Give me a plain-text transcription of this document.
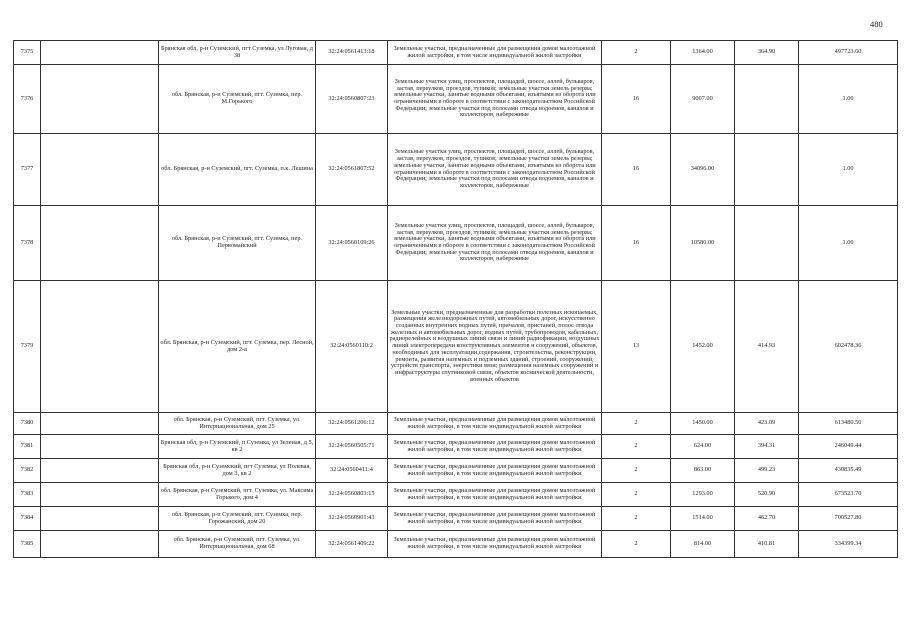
480
7375		Брянская обл, р-н Суземский, пгт Суземка, ул Луговая, д 38	32:24:0561413:18	Земельные участки, предназначенные для размещения домов малоэтажной жилой застройки, в том числе индивидуальной жилой застройки	2	1364.00	364.90	497723.60
7376		обл. Брянская, р-н Суземский, пгт. Суземка, пер. М.Горького	32:24:0560807:23	Земельные участки улиц, проспектов, площадей, шоссе, аллей, бульваров, застав, переулков, проездов, тупиков; земельные участки земель резерва; земельные участки, занятые водными объектами, изъятыми из оборота или ограниченными в обороте в соответствии с законодательством Российской Федерации; земельные участки под полосами отвода водоемов, каналов и коллекторов, набережные	16	9007.00		1.00
7377		обл. Брянская, р-н Суземский, пгт. Суземка, п.к. Лешина	32:24:0561807:52	Земельные участки улиц, проспектов, площадей, шоссе, аллей, бульваров, застав, переулков, проездов, тупиков; земельные участки земель резерва; земельные участки, занятые водными объектами, изъятыми из оборота или ограниченными в обороте в соответствии с законодательством Российской Федерации; земельные участки под полосами отвода водоемов, каналов и коллекторов, набережные	16	34096.00		1.00
7378		обл. Брянская, р-н Суземский, пгт. Суземка, пер. Первомайский	32:24:0560109:26	Земельные участки улиц, проспектов, площадей, шоссе, аллей, бульваров, застав, переулков, проездов, тупиков; земельные участки земель резерва; земельные участки, занятые водными объектами, изъятыми из оборота или ограниченными в обороте в соответствии с законодательством Российской Федерации; земельные участки под полосами отвода водоемов, каналов и коллекторов, набережные	16	10580.00		1.00
7379		обл. Брянская, р-н Суземский, пгт. Суземка, пер. Лесной, дом 2-а	32:24:0560110:2	Земельные участки, предназначенные для разработки полезных ископаемых, размещения железнодорожных путей, автомобильных дорог, искусственно созданных внутренних водных путей, причалов, пристаней, полос отвода железных и автомобильных дорог, водных путей, трубопроводов, кабельных, радиорелейных и воздушных линий связи и линий радиофикации, воздушных линий электропередачи конструктивных элементов и сооружений, объектов, необходимых для эксплуатации,содержания, строительства, реконструкции, ремонта, развития наземных и подземных зданий, строений, сооружений, устройств транспорта, энергетики вязи; размещения наземных сооружений и инфраструктуры спутниковой связи, объектов космической деятельности, военных объектов	13	1452.00	414.93	602478.36
7380		обл. Брянская, р-н Суземский, пгт. Суземка, ул. Интернациональная, дом 25	32:24:0561206:12	Земельные участки, предназначенные для размещения домов малоэтажной жилой застройки, в том числе индивидуальной жилой застройки	2	1450.00	423.09	613480.50
7381		Брянская обл, р-н Суземский, п Суземка, ул Зеленая, д 5, кв 2	32:24:0560505:71	Земельные участки, предназначенные для размещения домов малоэтажной жилой застройки, в том числе индивидуальной жилой застройки	2	624.00	394.31	246049.44
7382		Брянская обл, р-н Суземский, пгт Суземка, ул Полевая, дом 3, кв 2	32:24:0560411:4	Земельные участки, предназначенные для размещения домов малоэтажной жилой застройки, в том числе индивидуальной жилой застройки	2	863.00	499.23	430835.49
7383		обл. Брянская, р-н Суземский, пгт. Суземка, ул. Максима Горького, дом 4	32:24:0560803:15	Земельные участки, предназначенные для размещения домов малоэтажной жилой застройки, в том числе индивидуальной жилой застройки	2	1293.00	520.90	673523.70
7384		обл. Брянская, р-н Суземский, пгт. Суземка, пер. Горожанский, дом 20	32:24:0560901:43	Земельные участки, предназначенные для размещения домов малоэтажной жилой застройки, в том числе индивидуальной жилой застройки	2	1514.00	462.70	700527.80
7385		обл. Брянская, р-н Суземский, пгт. Суземка, ул. Интернациональная, дом 68	32:24:0561409:22	Земельные участки, предназначенные для размещения домов малоэтажной жилой застройки, в том числе индивидуальной жилой застройки	2	814.00	410.81	334399.34
